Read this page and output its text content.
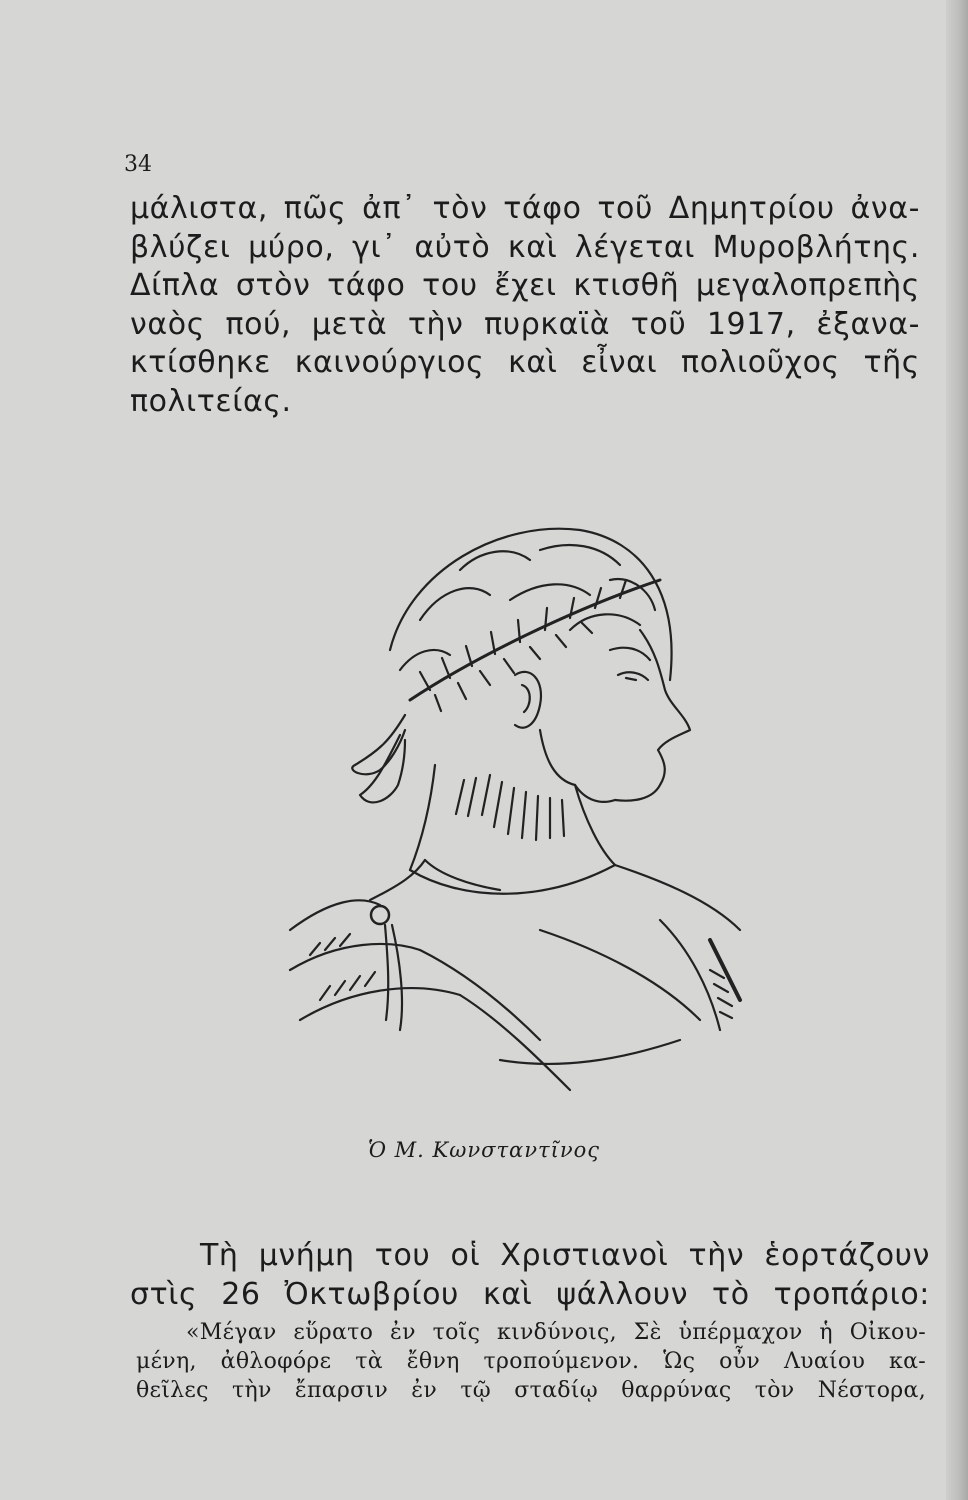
34
μάλιστα, πῶς ἀπ᾽ τὸν τάφο τοῦ Δημητρίου ἀνα-
βλύζει μύρο, γι᾽ αὐτὸ καὶ λέγεται Μυροβλήτης.
Δίπλα στὸν τάφο του ἔχει κτισθῆ μεγαλοπρεπὴς
ναὸς πού, μετὰ τὴν πυρκαϊὰ τοῦ 1917, ἐξανα-
κτίσθηκε καινούργιος καὶ εἶναι πολιοῦχος τῆς
πολιτείας.
Ὁ Μ. Κωνσταντῖνος
Τὴ μνήμη του οἱ Χριστιανοὶ τὴν ἑορτάζουν
στὶς 26 Ὀκτωβρίου καὶ ψάλλουν τὸ τροπάριο:
«Μέγαν εὕρατο ἐν τοῖς κινδύνοις, Σὲ ὑπέρμαχον ἡ Οἰκου-
μένη, ἀθλοφόρε τὰ ἔθνη τροπούμενον. Ὡς οὖν Λυαίου κα-
θεῖλες τὴν ἔπαρσιν ἐν τῷ σταδίῳ θαρρύνας τὸν Νέστορα,
